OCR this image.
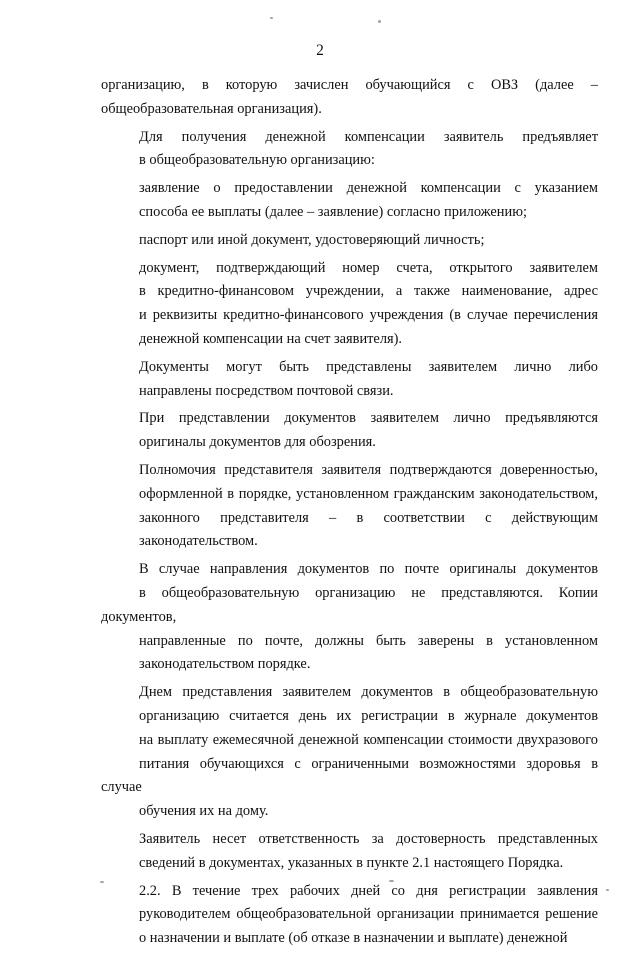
2
организацию, в которую зачислен обучающийся с ОВЗ (далее –
общеобразовательная организация).
Для получения денежной компенсации заявитель предъявляет
в общеобразовательную организацию:
заявление о предоставлении денежной компенсации с указанием
способа ее выплаты (далее – заявление) согласно приложению;
паспорт или иной документ, удостоверяющий личность;
документ, подтверждающий номер счета, открытого заявителем
в кредитно-финансовом учреждении, а также наименование, адрес
и реквизиты кредитно-финансового учреждения (в случае перечисления
денежной компенсации на счет заявителя).
Документы могут быть представлены заявителем лично либо
направлены посредством почтовой связи.
При представлении документов заявителем лично предъявляются
оригиналы документов для обозрения.
Полномочия представителя заявителя подтверждаются доверенностью,
оформленной в порядке, установленном гражданским законодательством,
законного представителя – в соответствии с действующим
законодательством.
В случае направления документов по почте оригиналы документов
в общеобразовательную организацию не представляются. Копии документов,
направленные по почте, должны быть заверены в установленном
законодательством порядке.
Днем представления заявителем документов в общеобразовательную
организацию считается день их регистрации в журнале документов
на выплату ежемесячной денежной компенсации стоимости двухразового
питания обучающихся с ограниченными возможностями здоровья в случае
обучения их на дому.
Заявитель несет ответственность за достоверность представленных
сведений в документах, указанных в пункте 2.1 настоящего Порядка.
2.2. В течение трех рабочих дней со дня регистрации заявления
руководителем общеобразовательной организации принимается решение
о назначении и выплате (об отказе в назначении и выплате) денежной
